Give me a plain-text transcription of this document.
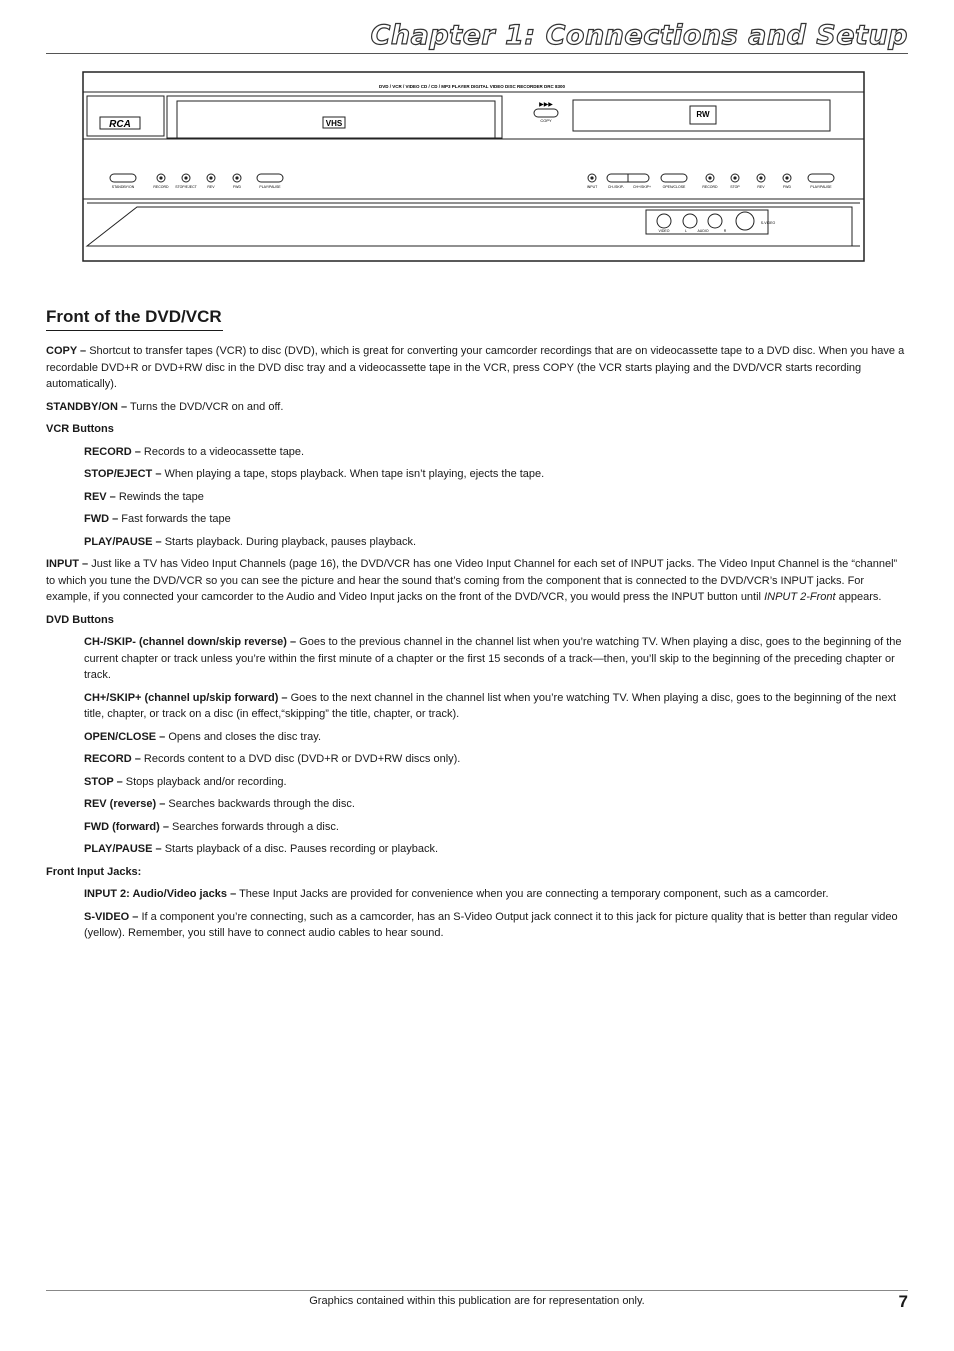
Chapter 1: Connections and Setup
DVD / VCR / VIDEO CD / CD / MP3 PLAYER DIGITAL VIDEO DISC RECORDER DRC 8300
RCA	VHS
▶▶▶
COPY
RW
STANDBY/ON	RECORD STOP/EJECT	REV	FWD	PLAY/PAUSE	INPUT	CH-/SKIP-	CH+/SKIP+	OPEN/CLOSE	RECORD	STOP	REV	FWD	PLAY/PAUSE
VIDEO	L	AUDIO	R
S-VIDEO
Front of the DVD/VCR

COPY – Shortcut to transfer tapes (VCR) to disc (DVD), which is great for converting your camcorder recordings that are on videocassette tape to a DVD disc. When you have a recordable DVD+R or DVD+RW disc in the DVD disc tray and a videocassette tape in the VCR, press COPY (the VCR starts playing and the DVD/VCR starts recording automatically).

STANDBY/ON – Turns the DVD/VCR on and off.

VCR Buttons

RECORD – Records to a videocassette tape.

STOP/EJECT – When playing a tape, stops playback. When tape isn’t playing, ejects the tape.

REV – Rewinds the tape

FWD – Fast forwards the tape

PLAY/PAUSE – Starts playback. During playback, pauses playback.

INPUT – Just like a TV has Video Input Channels (page 16), the DVD/VCR has one Video Input Channel for each set of INPUT jacks. The Video Input Channel is the “channel” to which you tune the DVD/VCR so you can see the picture and hear the sound that’s coming from the component that is connected to the DVD/VCR’s INPUT jacks. For example, if you connected your camcorder to the Audio and Video Input jacks on the front of the DVD/VCR, you would press the INPUT button until INPUT 2-Front appears.

DVD Buttons

CH-/SKIP- (channel down/skip reverse) – Goes to the previous channel in the channel list when you’re watching TV. When playing a disc, goes to the beginning of the current chapter or track unless you’re within the first minute of a chapter or the first 15 seconds of a track—then, you’ll skip to the beginning of the preceding chapter or track.

CH+/SKIP+ (channel up/skip forward) – Goes to the next channel in the channel list when you’re watching TV. When playing a disc, goes to the beginning of the next title, chapter, or track on a disc (in effect,“skipping” the title, chapter, or track).

OPEN/CLOSE – Opens and closes the disc tray.

RECORD – Records content to a DVD disc (DVD+R or DVD+RW discs only).

STOP – Stops playback and/or recording.

REV (reverse) – Searches backwards through the disc.

FWD (forward) – Searches forwards through a disc.

PLAY/PAUSE – Starts playback of a disc. Pauses recording or playback.

Front Input Jacks:

INPUT 2: Audio/Video jacks – These Input Jacks are provided for convenience when you are connecting a temporary component, such as a camcorder.

S-VIDEO – If a component you’re connecting, such as a camcorder, has an S-Video Output jack connect it to this jack for picture quality that is better than regular video (yellow). Remember, you still have to connect audio cables to hear sound.

Graphics contained within this publication are for representation only.	7
